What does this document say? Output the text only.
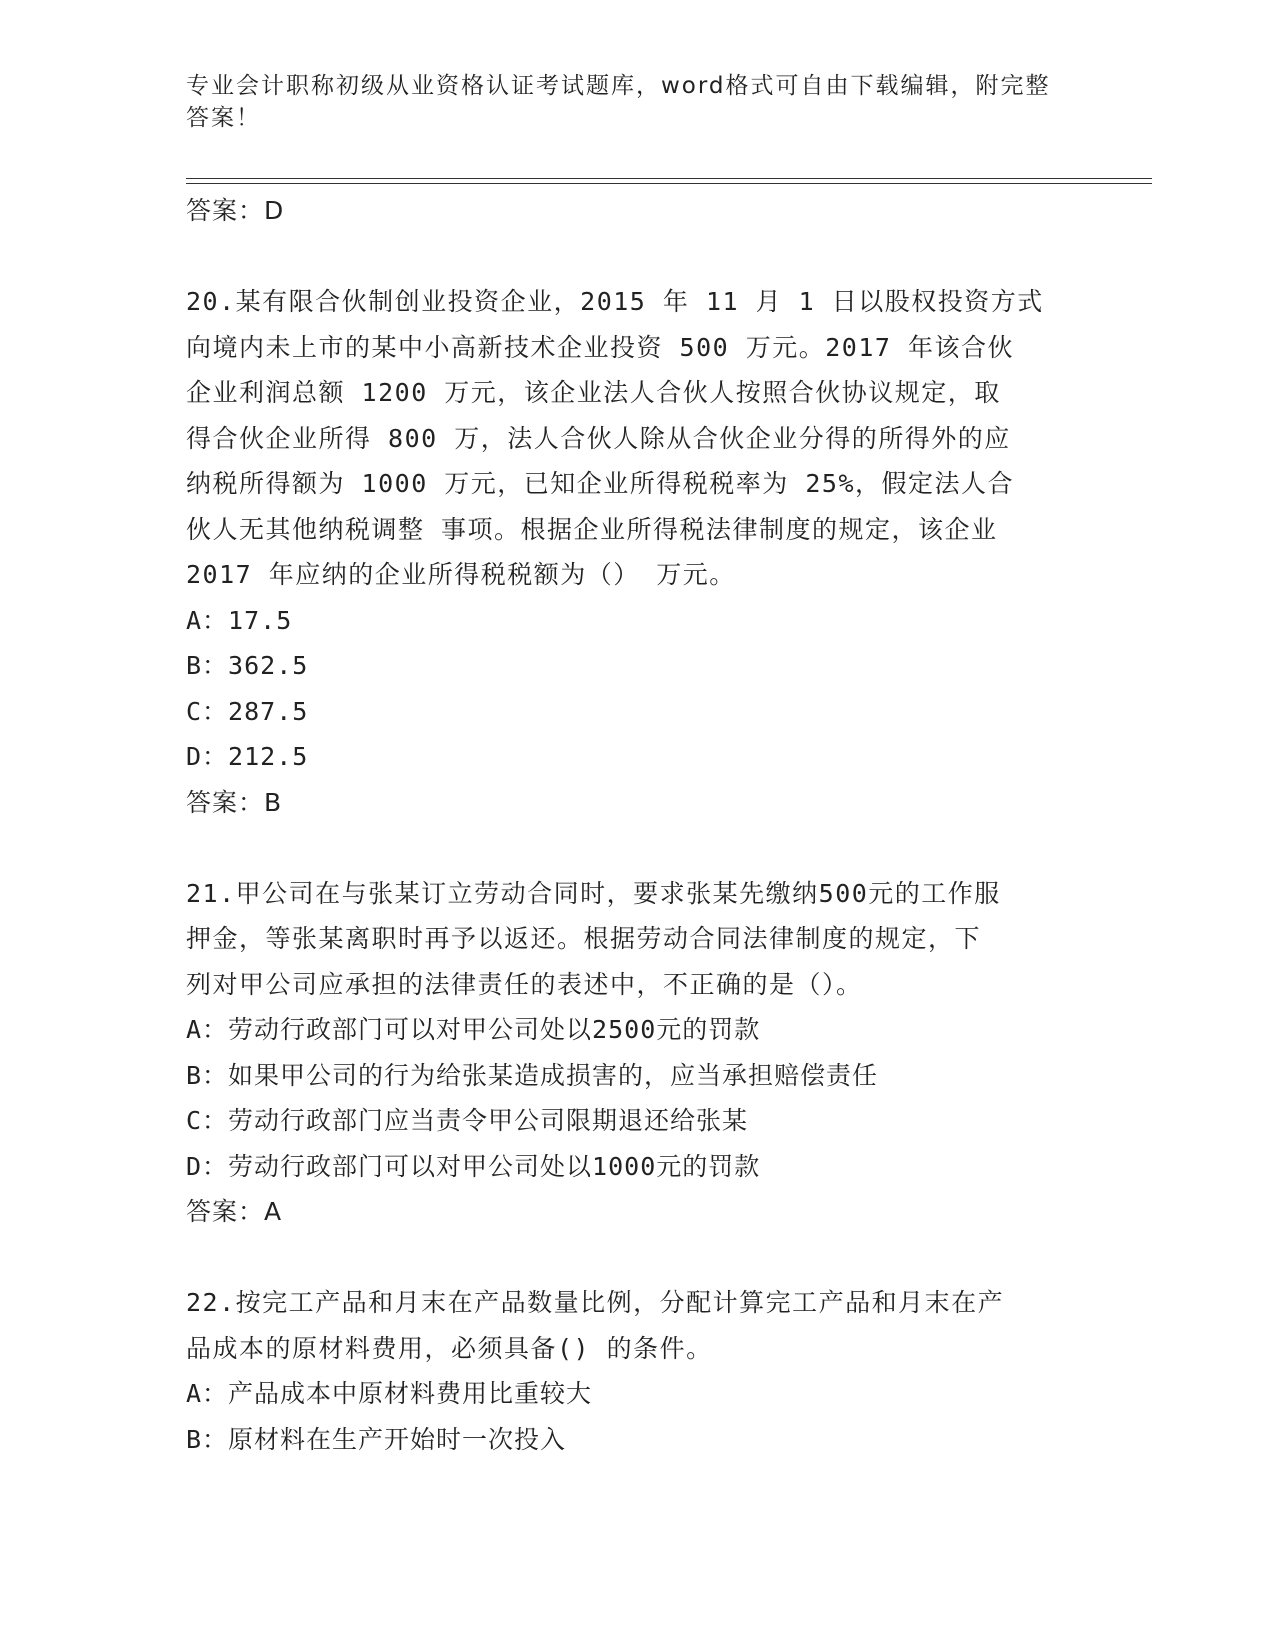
专业会计职称初级从业资格认证考试题库，word格式可自由下载编辑，附完整答案！
答案：D
20.某有限合伙制创业投资企业，2015 年 11 月 1 日以股权投资方式
向境内未上市的某中小高新技术企业投资 500 万元。2017 年该合伙
企业利润总额 1200 万元，该企业法人合伙人按照合伙协议规定，取
得合伙企业所得 800 万，法人合伙人除从合伙企业分得的所得外的应
纳税所得额为 1000 万元，已知企业所得税税率为 25%，假定法人合
伙人无其他纳税调整 事项。根据企业所得税法律制度的规定，该企业
2017 年应纳的企业所得税税额为（） 万元。
A：17.5
B：362.5
C：287.5
D：212.5
答案：B
21.甲公司在与张某订立劳动合同时，要求张某先缴纳500元的工作服
押金，等张某离职时再予以返还。根据劳动合同法律制度的规定，下
列对甲公司应承担的法律责任的表述中，不正确的是（）。
A：劳动行政部门可以对甲公司处以2500元的罚款
B：如果甲公司的行为给张某造成损害的，应当承担赔偿责任
C：劳动行政部门应当责令甲公司限期退还给张某
D：劳动行政部门可以对甲公司处以1000元的罚款
答案：A
22.按完工产品和月末在产品数量比例，分配计算完工产品和月末在产
品成本的原材料费用，必须具备() 的条件。
A：产品成本中原材料费用比重较大
B：原材料在生产开始时一次投入
